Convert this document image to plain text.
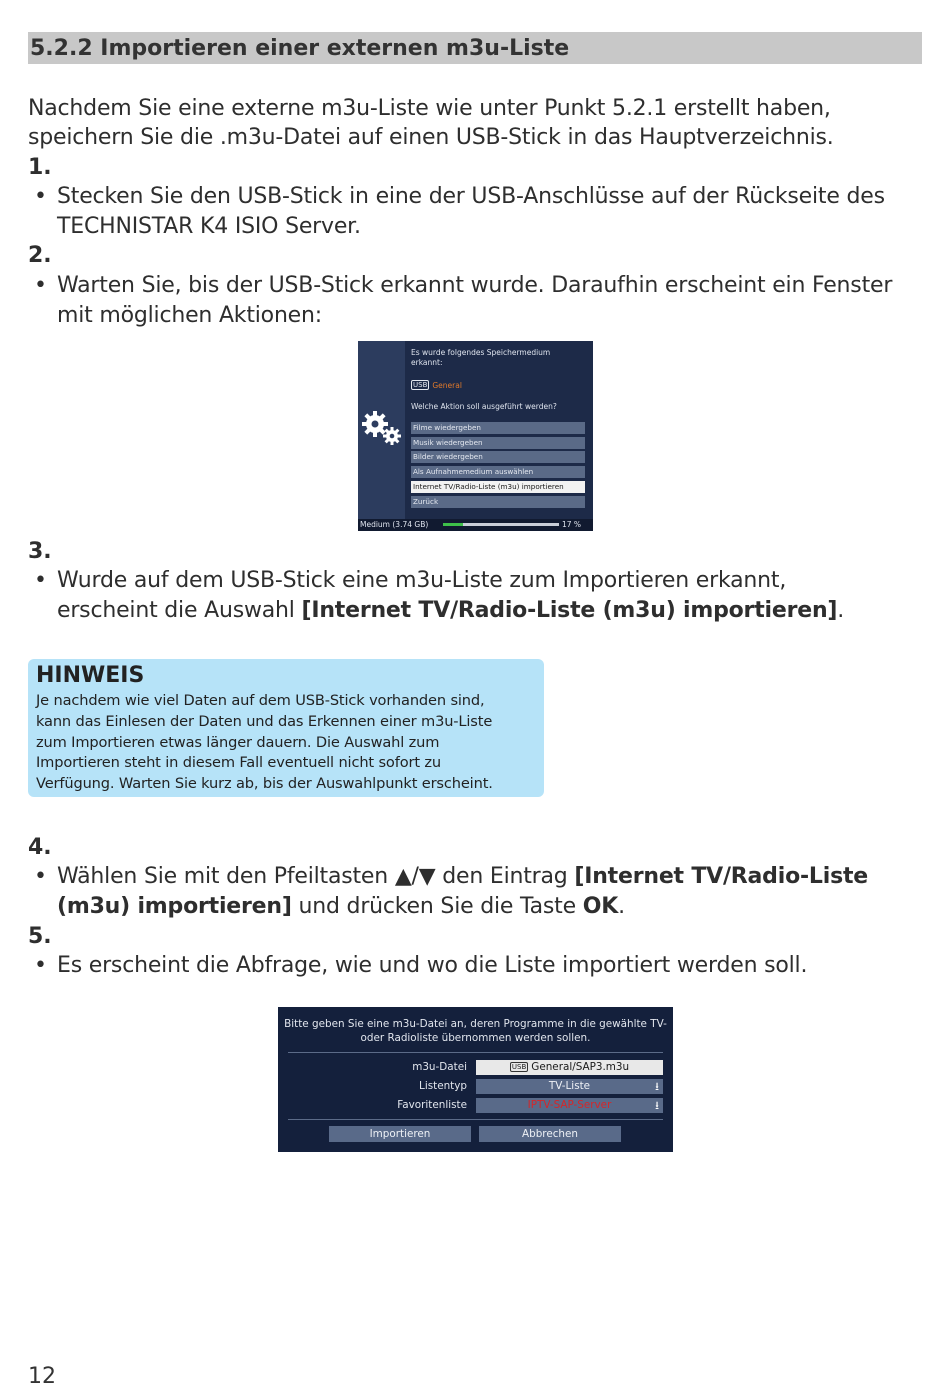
5.2.2 Importieren einer externen m3u-Liste
Nachdem Sie eine externe m3u-Liste wie unter Punkt 5.2.1 erstellt haben,
speichern Sie die .m3u-Datei auf einen USB-Stick in das Hauptverzeichnis.
1.
• Stecken Sie den USB-Stick in eine der USB-Anschlüsse auf der Rückseite des
TECHNISTAR K4 ISIO Server.
2.
• Warten Sie, bis der USB-Stick erkannt wurde. Daraufhin erscheint ein Fenster
mit möglichen Aktionen:
Es wurde folgendes Speichermedium
erkannt:
USB General
Welche Aktion soll ausgeführt werden?
Filme wiedergeben
Musik wiedergeben
Bilder wiedergeben
Als Aufnahmemedium auswählen
Internet TV/Radio-Liste (m3u) importieren
Zurück
Medium (3.74 GB)	17 %
3.
• Wurde auf dem USB-Stick eine m3u-Liste zum Importieren erkannt,
erscheint die Auswahl [Internet TV/Radio-Liste (m3u) importieren].
HINWEIS
Je nachdem wie viel Daten auf dem USB-Stick vorhanden sind,
kann das Einlesen der Daten und das Erkennen einer m3u-Liste
zum Importieren etwas länger dauern. Die Auswahl zum
Importieren steht in diesem Fall eventuell nicht sofort zu
Verfügung. Warten Sie kurz ab, bis der Auswahlpunkt erscheint.
4.
• Wählen Sie mit den Pfeiltasten ▲/▼ den Eintrag [Internet TV/Radio-Liste
(m3u) importieren] und drücken Sie die Taste OK.
5.
• Es erscheint die Abfrage, wie und wo die Liste importiert werden soll.
Bitte geben Sie eine m3u-Datei an, deren Programme in die gewählte TV-
oder Radioliste übernommen werden sollen.
m3u-Datei	USB General/SAP3.m3u
Listentyp	TV-Liste	⭳
Favoritenliste	IPTV-SAP-Server	⭳
Importieren	Abbrechen
12
